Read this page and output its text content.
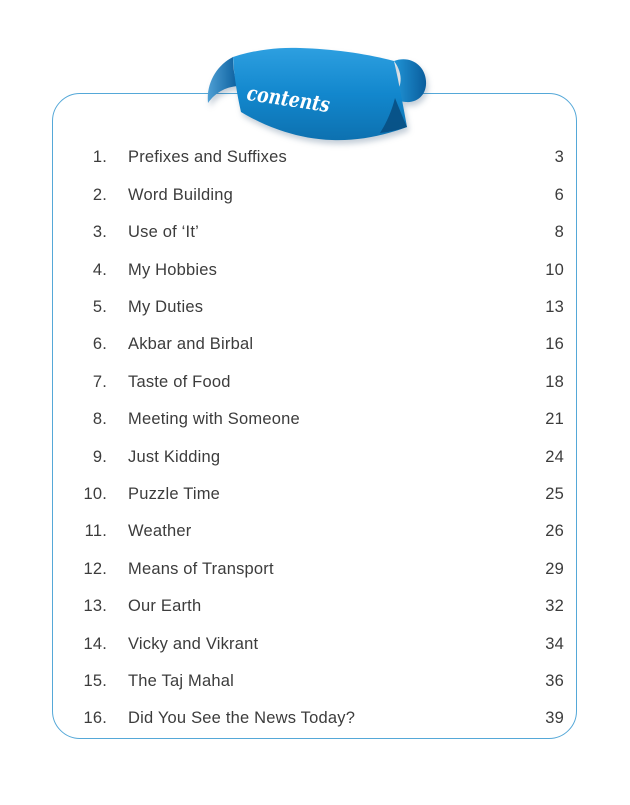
1. Prefixes and Suffixes	3
2. Word Building	6
3. Use of ‘It’	8
4. My Hobbies	10
5. My Duties	13
6. Akbar and Birbal	16
7. Taste of Food	18
8. Meeting with Someone	21
9. Just Kidding	24
10. Puzzle Time	25
11. Weather	26
12. Means of Transport	29
13. Our Earth	32
14. Vicky and Vikrant	34
15. The Taj Mahal	36
16. Did You See the News Today?	39
contents
